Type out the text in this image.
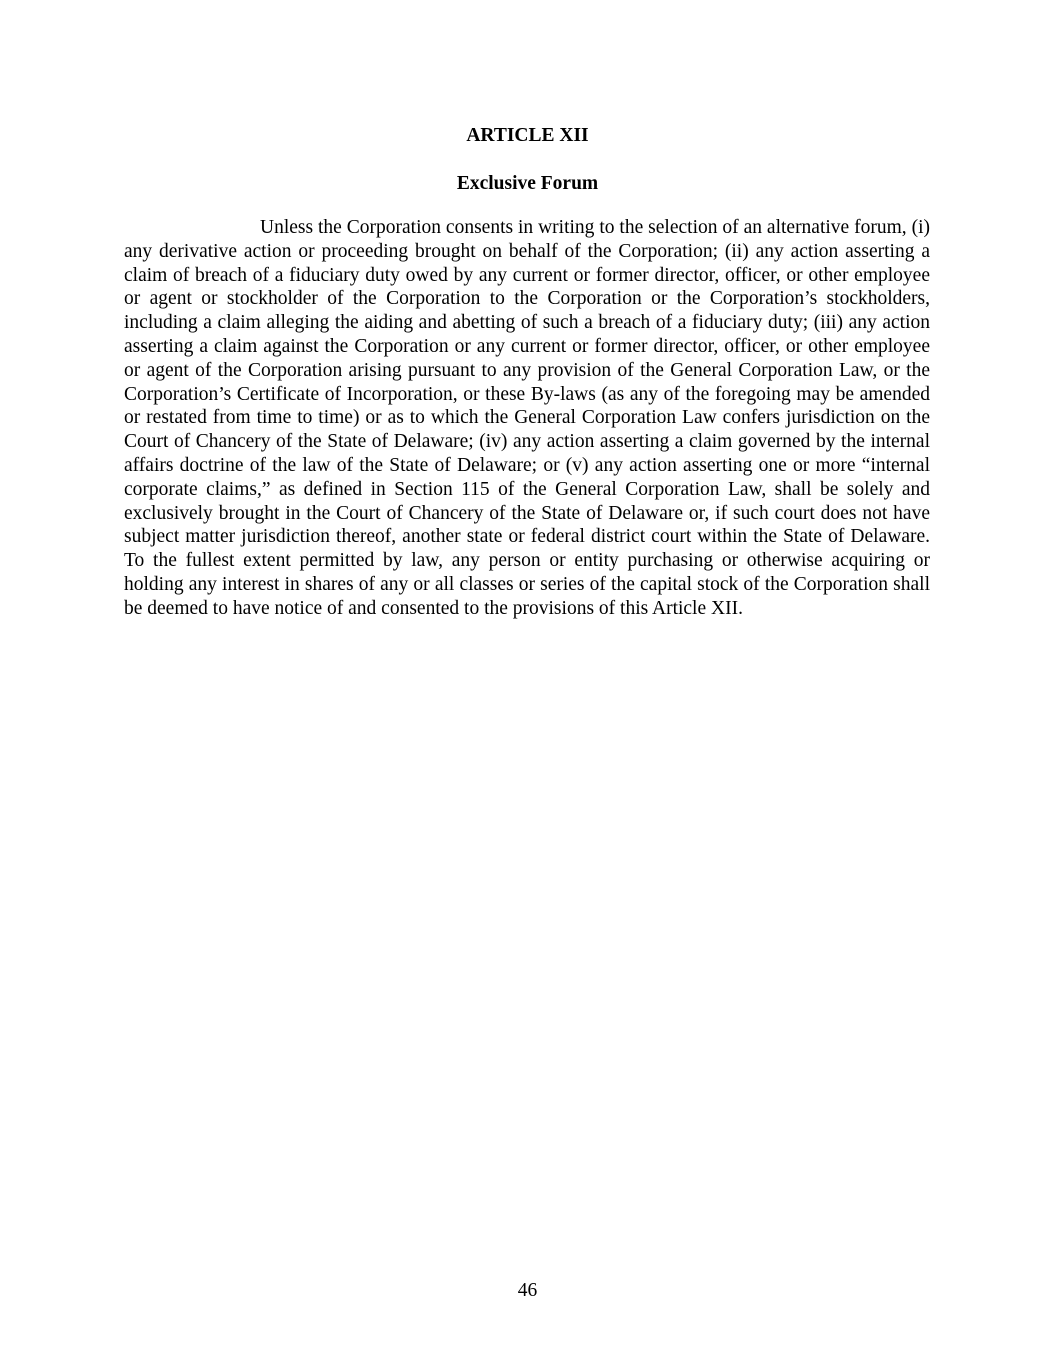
ARTICLE XII
Exclusive Forum

Unless the Corporation consents in writing to the selection of an alternative forum, (i) any derivative action or proceeding brought on behalf of the Corporation; (ii) any action asserting a claim of breach of a fiduciary duty owed by any current or former director, officer, or other employee or agent or stockholder of the Corporation to the Corporation or the Corporation’s stockholders, including a claim alleging the aiding and abetting of such a breach of a fiduciary duty; (iii) any action asserting a claim against the Corporation or any current or former director, officer, or other employee or agent of the Corporation arising pursuant to any provision of the General Corporation Law, or the Corporation’s Certificate of Incorporation, or these By-laws (as any of the foregoing may be amended or restated from time to time) or as to which the General Corporation Law confers jurisdiction on the Court of Chancery of the State of Delaware; (iv) any action asserting a claim governed by the internal affairs doctrine of the law of the State of Delaware; or (v) any action asserting one or more “internal corporate claims,” as defined in Section 115 of the General Corporation Law, shall be solely and exclusively brought in the Court of Chancery of the State of Delaware or, if such court does not have subject matter jurisdiction thereof, another state or federal district court within the State of Delaware. To the fullest extent permitted by law, any person or entity purchasing or otherwise acquiring or holding any interest in shares of any or all classes or series of the capital stock of the Corporation shall be deemed to have notice of and consented to the provisions of this Article XII.

46
